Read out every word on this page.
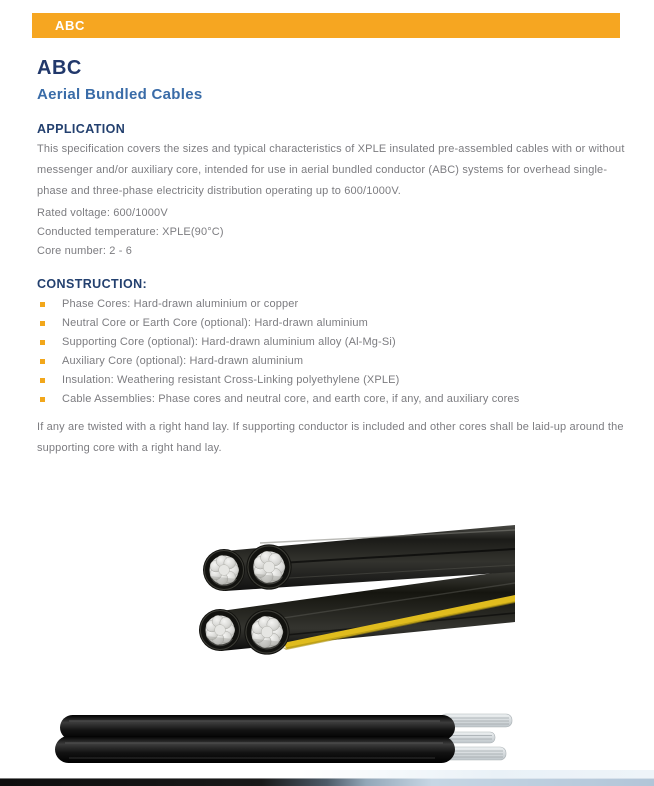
ABC
ABC
Aerial Bundled Cables
APPLICATION
This specification covers the sizes and typical characteristics of XPLE insulated pre-assembled cables with or without messenger and/or auxiliary core, intended for use in aerial bundled conductor (ABC) systems for overhead single-phase and three-phase electricity distribution operating up to 600/1000V.
Rated voltage: 600/1000V
Conducted temperature: XPLE(90°C)
Core number: 2 - 6
CONSTRUCTION:
Phase Cores: Hard-drawn aluminium or copper
Neutral Core or Earth Core (optional): Hard-drawn aluminium
Supporting Core (optional): Hard-drawn aluminium alloy (Al-Mg-Si)
Auxiliary Core (optional): Hard-drawn aluminium
Insulation: Weathering resistant Cross-Linking polyethylene (XPLE)
Cable Assemblies: Phase cores and neutral core, and earth core, if any, and auxiliary cores
If any are twisted with a right hand lay. If supporting conductor is included and other cores shall be laid-up around the supporting core with a right hand lay.
